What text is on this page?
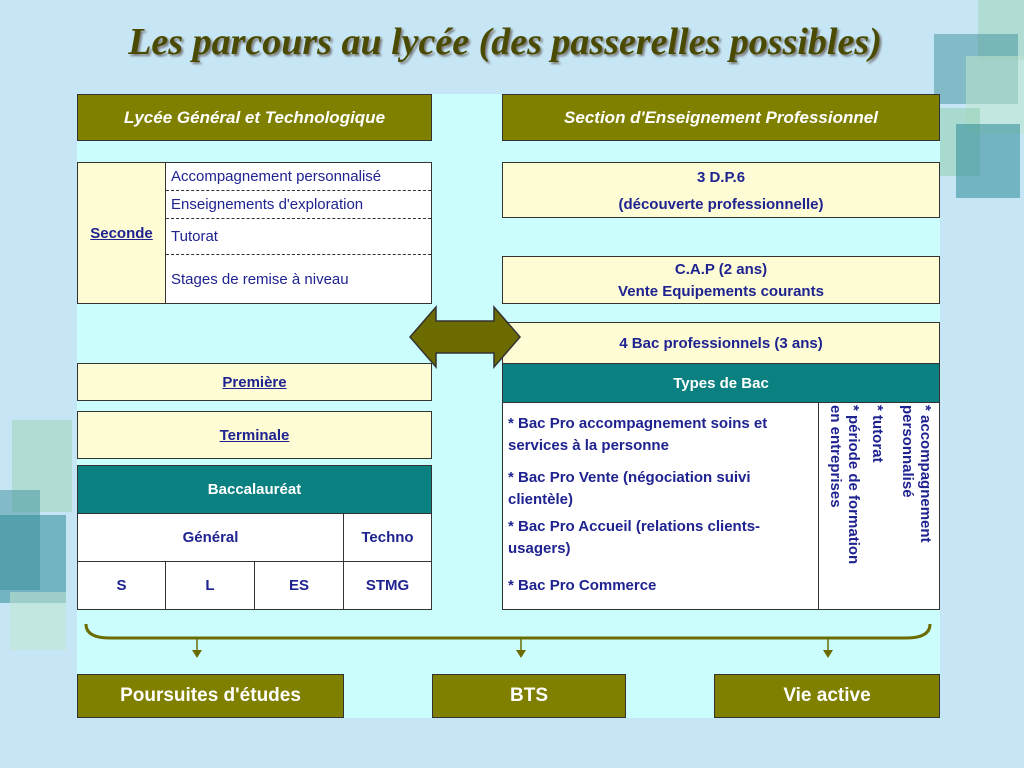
Les parcours au lycée (des passerelles possibles)
Lycée Général et Technologique	Section d'Enseignement Professionnel
Seconde
Accompagnement personnalisé
Enseignements d'exploration
Tutorat
Stages de remise à niveau
Première
Terminale
Baccalauréat
Général	Techno
S	L	ES	STMG
3 D.P.6
(découverte professionnelle)
C.A.P (2 ans)
Vente Equipements courants
4 Bac professionnels (3 ans)
Types de Bac
* Bac Pro accompagnement soins et services à la personne
* Bac Pro Vente (négociation suivi clientèle)
* Bac Pro Accueil (relations clients-usagers)
* Bac Pro Commerce
* accompagnement
personnalisé
* tutorat
* période de formation
en entreprises
Poursuites d'études	BTS	Vie active
